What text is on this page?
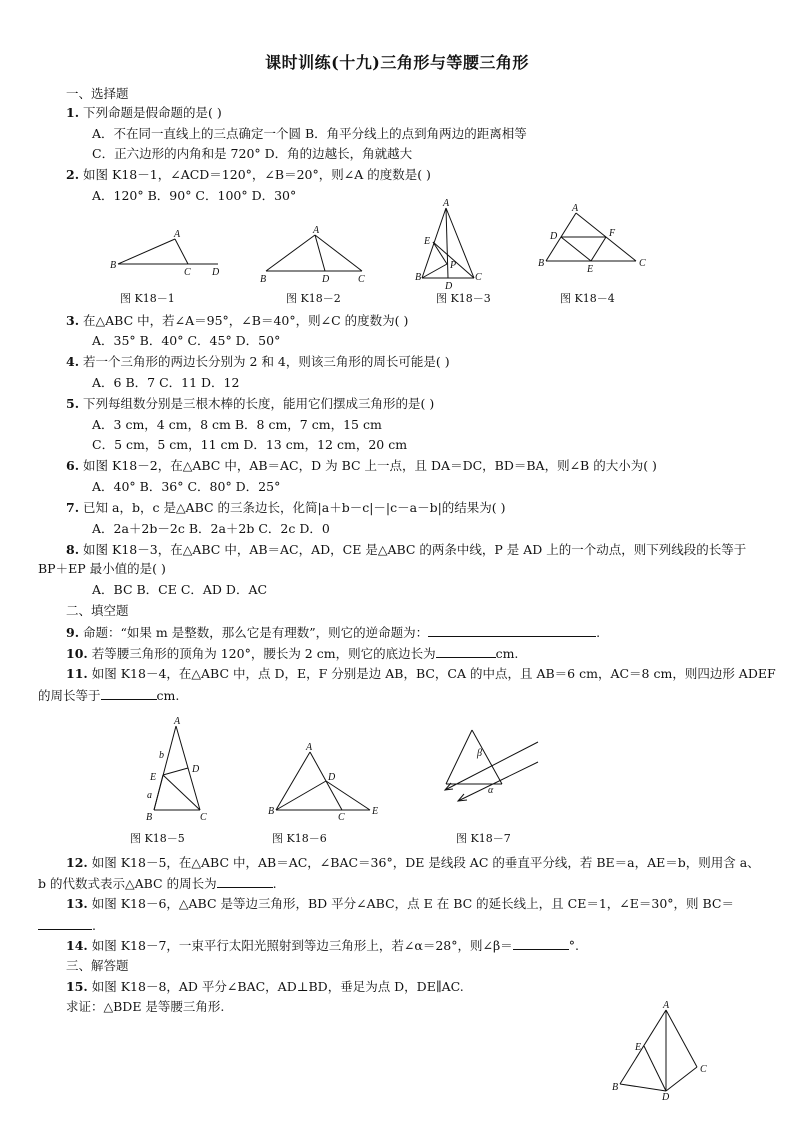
课时训练(十九)三角形与等腰三角形
一、选择题
1. 下列命题是假命题的是( )
A．不在同一直线上的三点确定一个圆 B．角平分线上的点到角两边的距离相等
C．正六边形的内角和是 720° D．角的边越长，角就越大
2. 如图 K18－1，∠ACD＝120°，∠B＝20°，则∠A 的度数是( )
A．120° B．90° C．100° D．30°
B
A
C D
图 K18－1
A
B	D	C
图 K18－2
A
E
P
B
D
C
图 K18－3
A
D	F
B
E
C
图 K18－4
3. 在△ABC 中，若∠A＝95°，∠B＝40°，则∠C 的度数为( )
A．35° B．40° C．45° D．50°
4. 若一个三角形的两边长分别为 2 和 4，则该三角形的周长可能是( )
A．6 B．7 C．11 D．12
5. 下列每组数分别是三根木棒的长度，能用它们摆成三角形的是( )
A．3 cm，4 cm，8 cm B．8 cm，7 cm，15 cm
C．5 cm，5 cm，11 cm D．13 cm，12 cm，20 cm
6. 如图 K18－2，在△ABC 中，AB＝AC，D 为 BC 上一点，且 DA＝DC，BD＝BA，则∠B 的大小为( )
A．40° B．36° C．80° D．25°
7. 已知 a，b，c 是△ABC 的三条边长，化简|a＋b－c|－|c－a－b|的结果为( )
A．2a＋2b－2c B．2a＋2b C．2c D．0
8. 如图 K18－3，在△ABC 中，AB＝AC，AD，CE 是△ABC 的两条中线，P 是 AD 上的一个动点，则下列线段的长等于
BP＋EP 最小值的是( )
A．BC B．CE C．AD D．AC
二、填空题
9. 命题：“如果 m 是整数，那么它是有理数”，则它的逆命题为：	.
10. 若等腰三角形的顶角为 120°，腰长为 2 cm，则它的底边长为	cm.
11. 如图 K18－4，在△ABC 中，点 D，E，F 分别是边 AB，BC，CA 的中点，且 AB＝6 cm，AC＝8 cm，则四边形 ADEF
的周长等于	cm.
A
b
D
E
a
B	C
图 K18－5
A
D
B
C
E
图 K18－6
β
α
图 K18－7
12. 如图 K18－5，在△ABC 中，AB＝AC，∠BAC＝36°，DE 是线段 AC 的垂直平分线，若 BE＝a，AE＝b，则用含 a、
b 的代数式表示△ABC 的周长为	.
13. 如图 K18－6，△ABC 是等边三角形，BD 平分∠ABC，点 E 在 BC 的延长线上，且 CE＝1，∠E＝30°，则 BC＝
.
14. 如图 K18－7，一束平行太阳光照射到等边三角形上，若∠α＝28°，则∠β＝	°.
三、解答题
15. 如图 K18－8，AD 平分∠BAC，AD⊥BD，垂足为点 D，DE∥AC.
求证：△BDE 是等腰三角形.	A
E
B
C
D
